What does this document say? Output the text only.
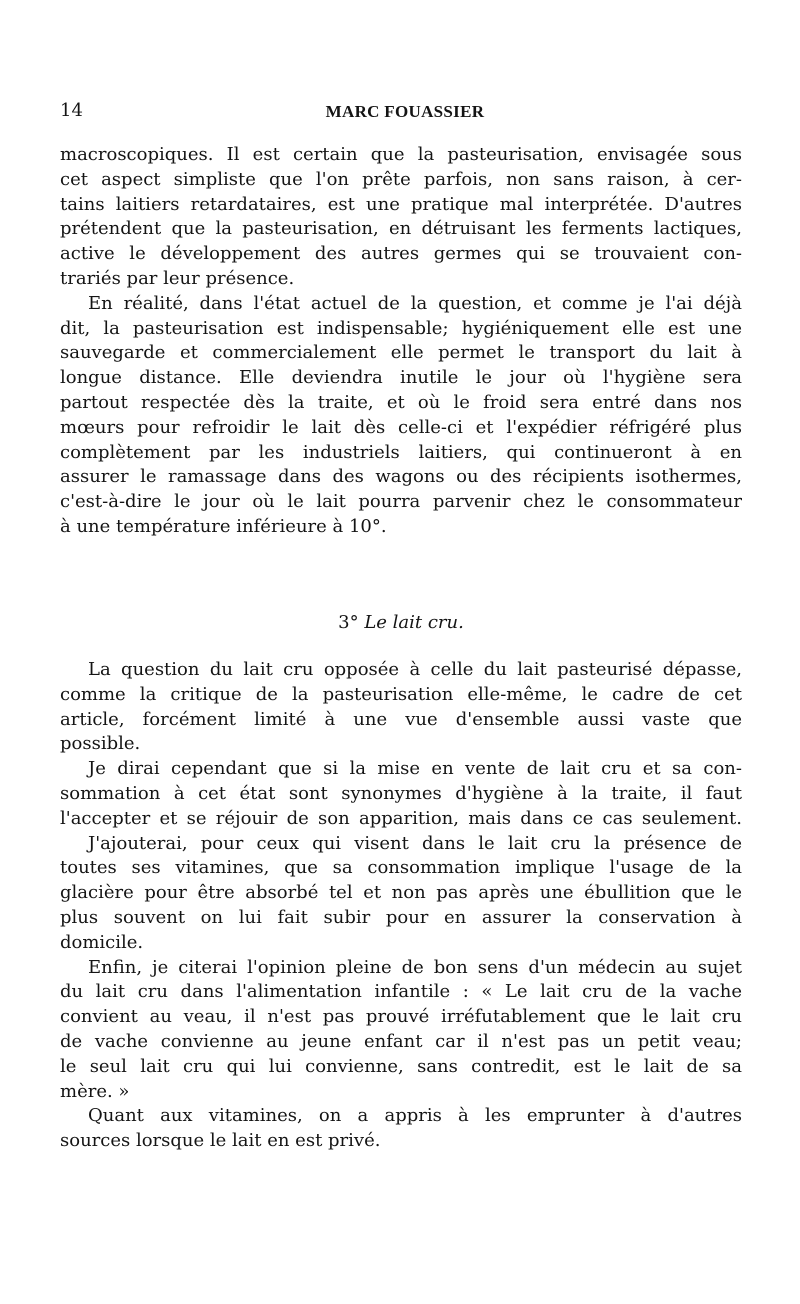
14	MARC FOUASSIER
macroscopiques. Il est certain que la pasteurisation, envisagée sous
cet aspect simpliste que l'on prête parfois, non sans raison, à cer-
tains laitiers retardataires, est une pratique mal interprétée. D'autres
prétendent que la pasteurisation, en détruisant les ferments lactiques,
active le développement des autres germes qui se trouvaient con-
trariés par leur présence.
En réalité, dans l'état actuel de la question, et comme je l'ai déjà
dit, la pasteurisation est indispensable; hygiéniquement elle est une
sauvegarde et commercialement elle permet le transport du lait à
longue distance. Elle deviendra inutile le jour où l'hygiène sera
partout respectée dès la traite, et où le froid sera entré dans nos
mœurs pour refroidir le lait dès celle-ci et l'expédier réfrigéré plus
complètement par les industriels laitiers, qui continueront à en
assurer le ramassage dans des wagons ou des récipients isothermes,
c'est-à-dire le jour où le lait pourra parvenir chez le consommateur
à une température inférieure à 10°.
3° Le lait cru.
La question du lait cru opposée à celle du lait pasteurisé dépasse,
comme la critique de la pasteurisation elle-même, le cadre de cet
article, forcément limité à une vue d'ensemble aussi vaste que
possible.
Je dirai cependant que si la mise en vente de lait cru et sa con-
sommation à cet état sont synonymes d'hygiène à la traite, il faut
l'accepter et se réjouir de son apparition, mais dans ce cas seulement.
J'ajouterai, pour ceux qui visent dans le lait cru la présence de
toutes ses vitamines, que sa consommation implique l'usage de la
glacière pour être absorbé tel et non pas après une ébullition que le
plus souvent on lui fait subir pour en assurer la conservation à
domicile.
Enfin, je citerai l'opinion pleine de bon sens d'un médecin au sujet
du lait cru dans l'alimentation infantile : « Le lait cru de la vache
convient au veau, il n'est pas prouvé irréfutablement que le lait cru
de vache convienne au jeune enfant car il n'est pas un petit veau;
le seul lait cru qui lui convienne, sans contredit, est le lait de sa
mère. »
Quant aux vitamines, on a appris à les emprunter à d'autres
sources lorsque le lait en est privé.
